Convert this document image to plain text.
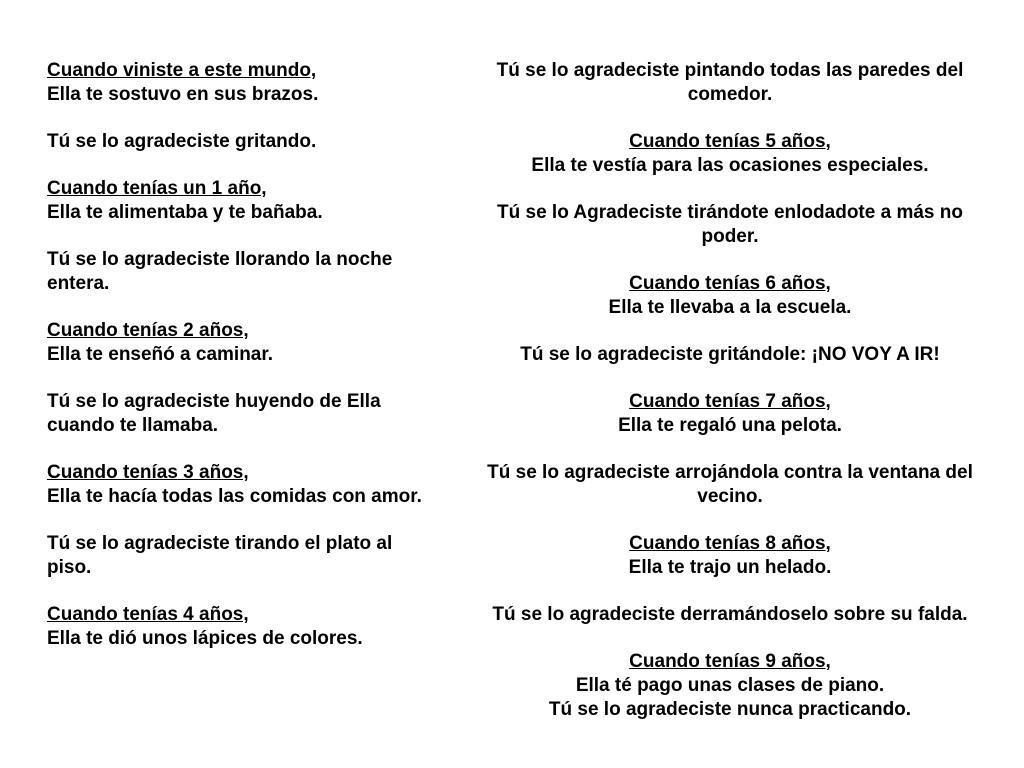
Cuando viniste a este mundo,
Ella te sostuvo en sus brazos.
Tú se lo agradeciste gritando.
Cuando tenías un 1 año,
Ella te alimentaba y te bañaba.
Tú se lo agradeciste llorando la noche
entera.
Cuando tenías 2 años,
Ella te enseñó a caminar.
Tú se lo agradeciste huyendo de Ella
cuando te llamaba.
Cuando tenías 3 años,
Ella te hacía todas las comidas con amor.
Tú se lo agradeciste tirando el plato al
piso.
Cuando tenías 4 años,
Ella te dió unos lápices de colores.
Tú se lo agradeciste pintando todas las paredes del
comedor.
Cuando tenías 5 años,
Ella te vestía para las ocasiones especiales.
Tú se lo Agradeciste tirándote enlodadote a más no
poder.
Cuando tenías 6 años,
Ella te llevaba a la escuela.
Tú se lo agradeciste gritándole: ¡NO VOY A IR!
Cuando tenías 7 años,
Ella te regaló una pelota.
Tú se lo agradeciste arrojándola contra la ventana del
vecino.
Cuando tenías 8 años,
Ella te trajo un helado.
Tú se lo agradeciste derramándoselo sobre su falda.
Cuando tenías 9 años,
Ella té pago unas clases de piano.
Tú se lo agradeciste nunca practicando.
